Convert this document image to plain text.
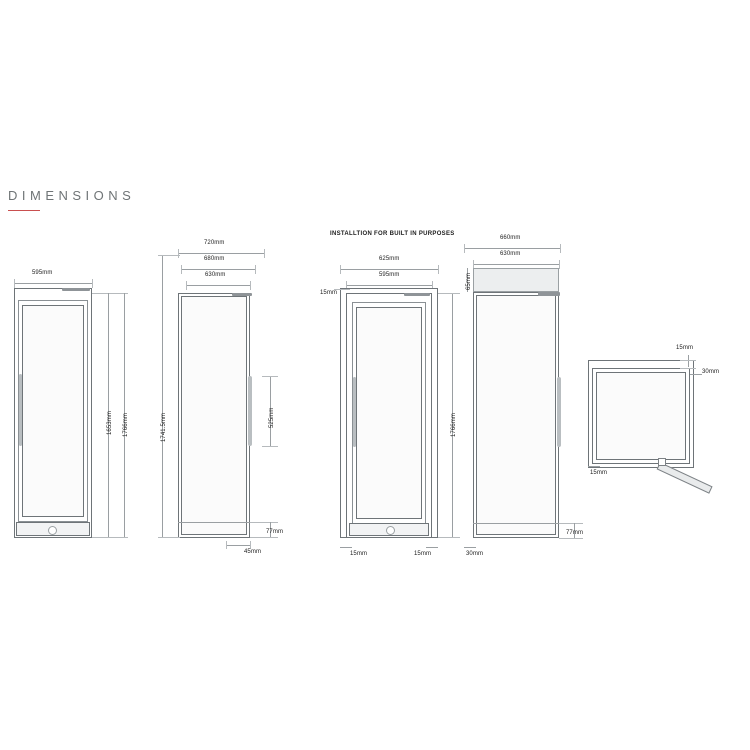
DIMENSIONS
595mm
1653mm 1766mm
720mm
680mm
630mm
1741.5mm	525mm
77mm
45mm
INSTALLTION FOR BUILT IN PURPOSES
625mm
595mm
15mm
1766mm
15mm	15mm
660mm
630mm
65mm
30mm
77mm
15mm
30mm
15mm
